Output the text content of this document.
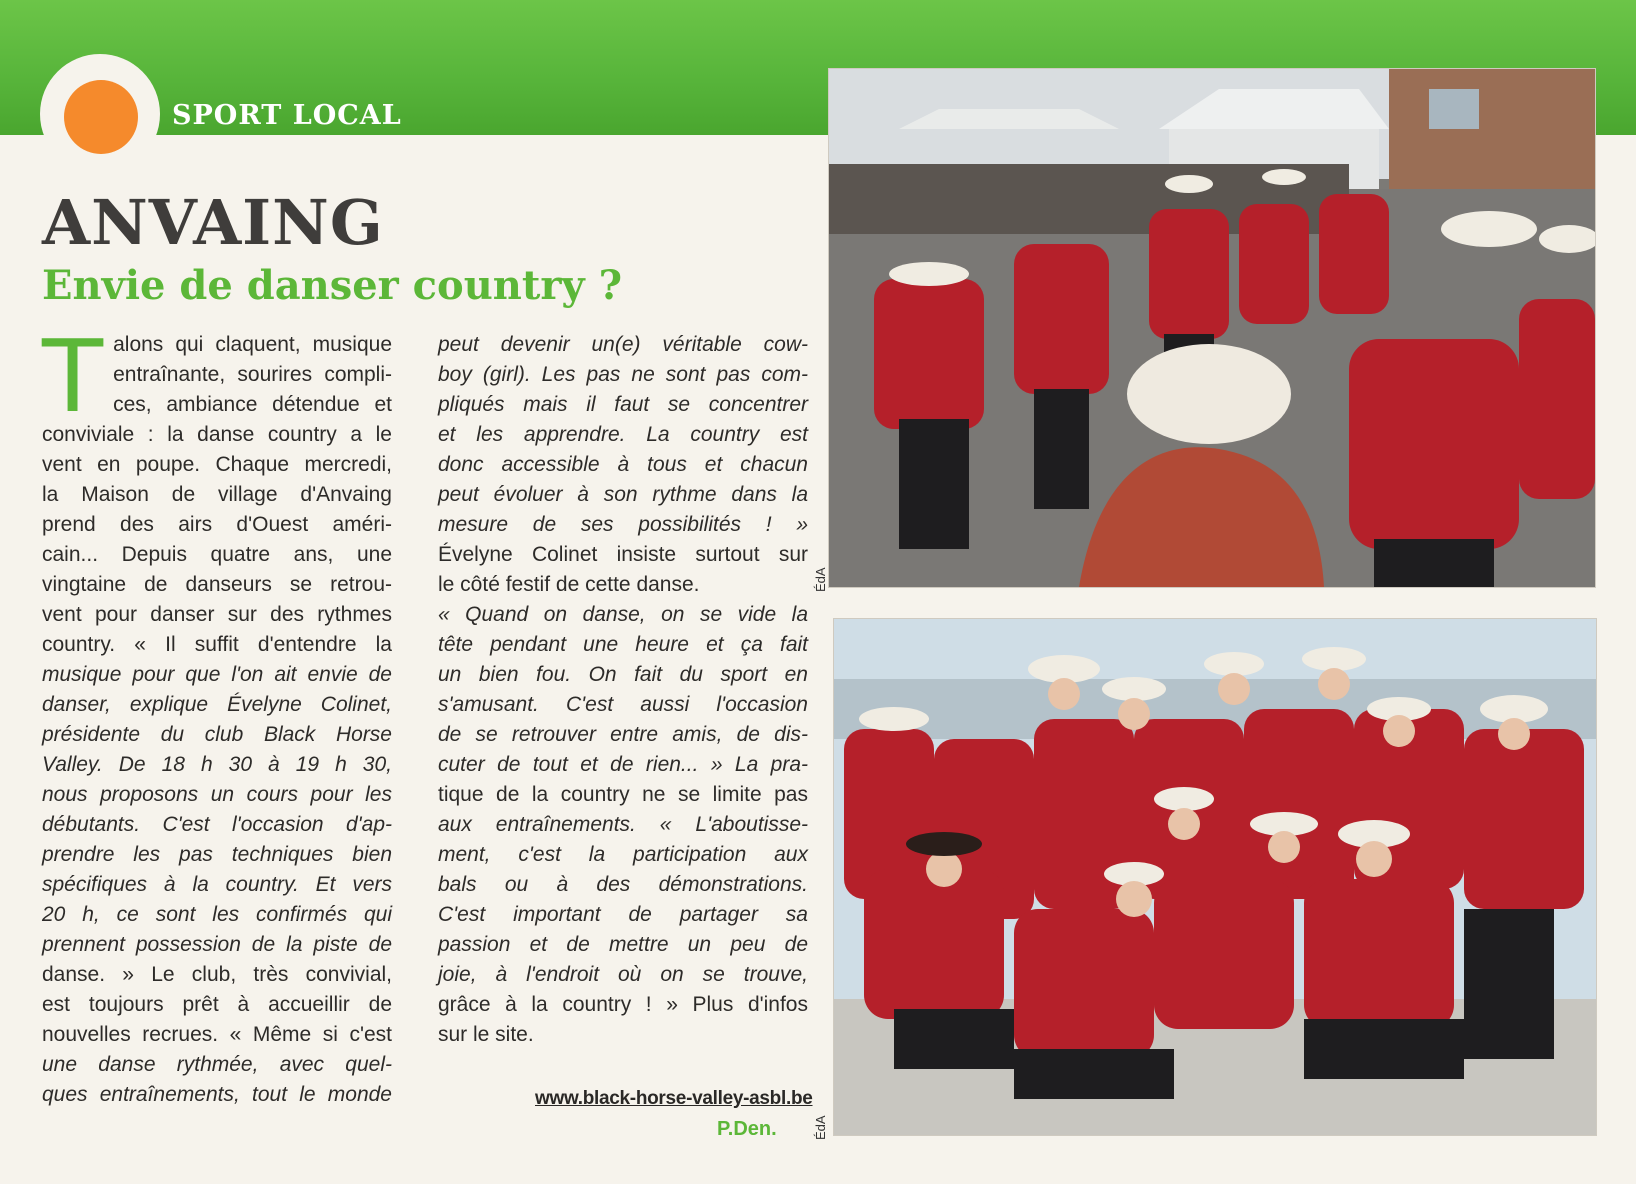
SPORT LOCAL
ANVAING
Envie de danser country ?
T alons qui claquent, musique
entraînante, sourires compli-
ces, ambiance détendue et
conviviale : la danse country a le
vent en poupe. Chaque mercredi,
la Maison de village d'Anvaing
prend des airs d'Ouest améri-
cain... Depuis quatre ans, une
vingtaine de danseurs se retrou-
vent pour danser sur des rythmes
country. « Il suffit d'entendre la
musique pour que l'on ait envie de
danser, explique Évelyne Colinet,
présidente du club Black Horse
Valley. De 18 h 30 à 19 h 30,
nous proposons un cours pour les
débutants. C'est l'occasion d'ap-
prendre les pas techniques bien
spécifiques à la country. Et vers
20 h, ce sont les confirmés qui
prennent possession de la piste de
danse. » Le club, très convivial,
est toujours prêt à accueillir de
nouvelles recrues. « Même si c'est
une danse rythmée, avec quel-
ques entraînements, tout le monde
peut devenir un(e) véritable cow-
boy (girl). Les pas ne sont pas com-
pliqués mais il faut se concentrer
et les apprendre. La country est
donc accessible à tous et chacun
peut évoluer à son rythme dans la
mesure de ses possibilités ! »
Évelyne Colinet insiste surtout sur
le côté festif de cette danse.
« Quand on danse, on se vide la
tête pendant une heure et ça fait
un bien fou. On fait du sport en
s'amusant. C'est aussi l'occasion
de se retrouver entre amis, de dis-
cuter de tout et de rien... » La pra-
tique de la country ne se limite pas
aux entraînements. « L'aboutisse-
ment, c'est la participation aux
bals ou à des démonstrations.
C'est important de partager sa
passion et de mettre un peu de
joie, à l'endroit où on se trouve,
grâce à la country ! » Plus d'infos
sur le site.
www.black-horse-valley-asbl.be
P.Den.
ÉdA
ÉdA
